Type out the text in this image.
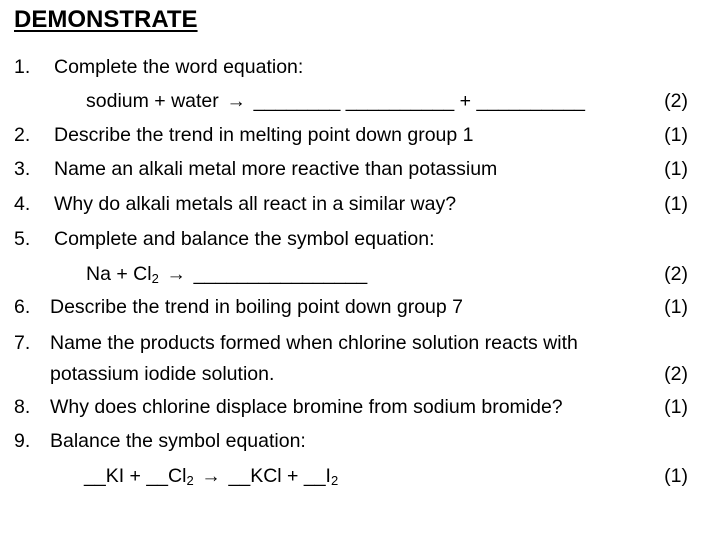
DEMONSTRATE
1. Complete the word equation:
sodium + water → ________ __________ + __________	(2)
2. Describe the trend in melting point down group 1	(1)
3. Name an alkali metal more reactive than potassium	(1)
4. Why do alkali metals all react in a similar way?	(1)
5. Complete and balance the symbol equation:
$Na + Cl_2$ → ________________	(2)
6. Describe the trend in boiling point down group 7	(1)
7. Name the products formed when chlorine solution reacts with
potassium iodide solution.	(2)
8. Why does chlorine displace bromine from sodium bromide?	(1)
9. Balance the symbol equation:
__KI + $\_\_Cl_2$ → __KCl + $\_\_I_2$	(1)
